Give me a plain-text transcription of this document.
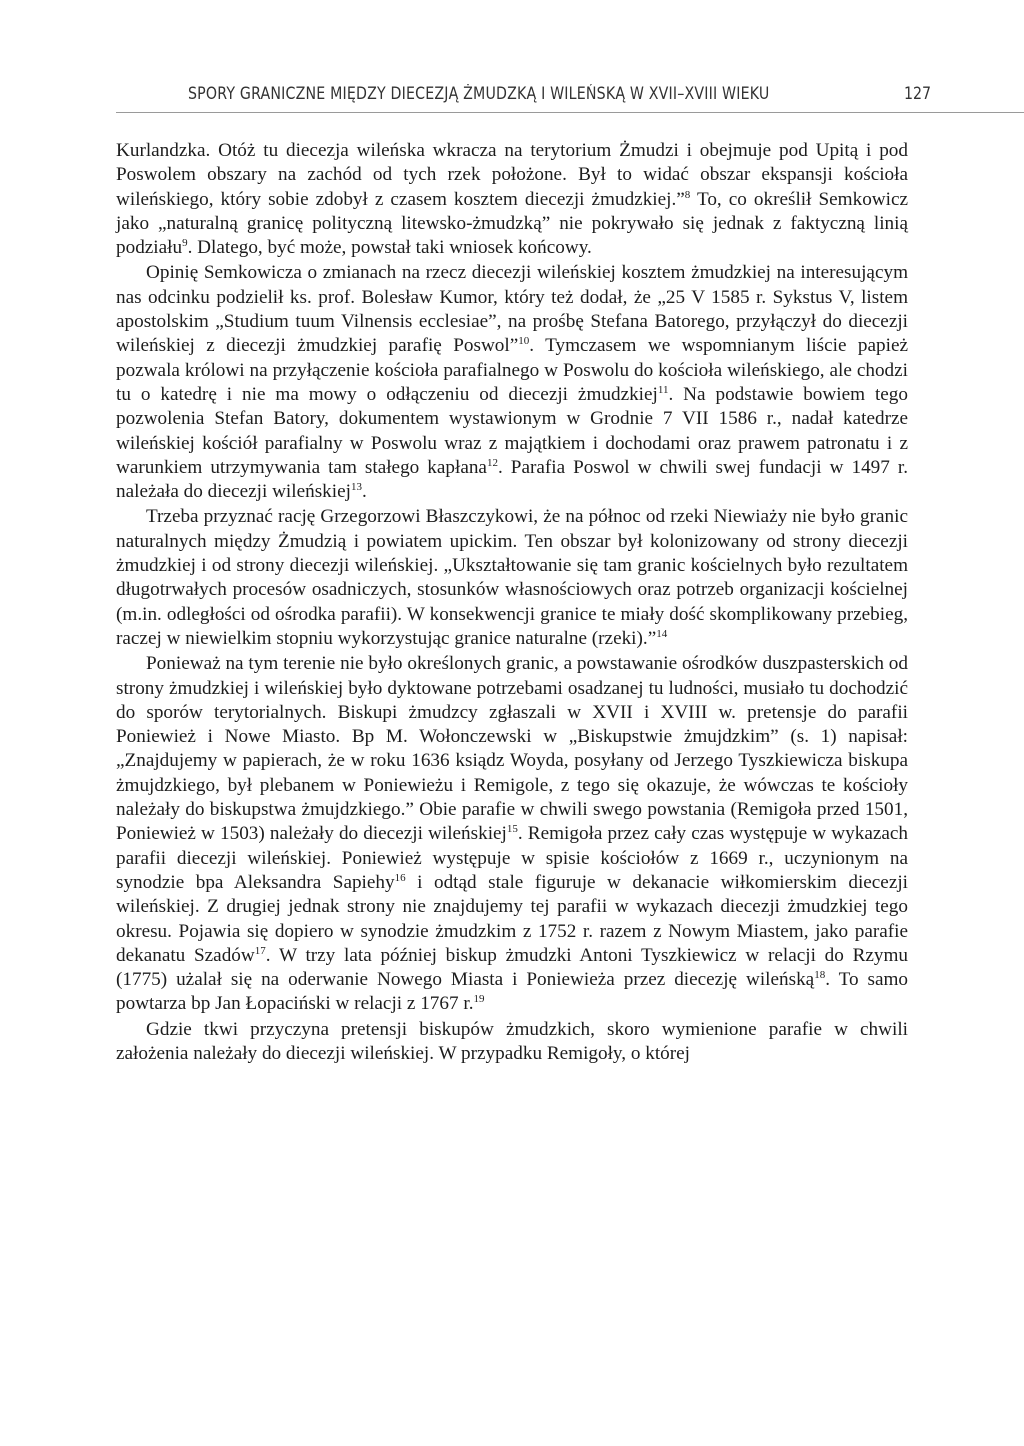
SPORY GRANICZNE MIĘDZY DIECEZJĄ ŻMUDZKĄ I WILEŃSKĄ W XVII–XVIII WIEKU	127

Kurlandzka. Otóż tu diecezja wileńska wkracza na terytorium Żmudzi i obejmuje pod Upitą i pod Poswolem obszary na zachód od tych rzek położone. Był to widać obszar ekspansji kościoła wileńskiego, który sobie zdobył z czasem kosztem diecezji żmudzkiej.”$^8$ To, co określił Semkowicz jako „naturalną granicę polityczną litewsko-żmudzką” nie pokrywało się jednak z faktyczną linią podziału$^9$. Dlatego, być może, powstał taki wniosek końcowy.

Opinię Semkowicza o zmianach na rzecz diecezji wileńskiej kosztem żmudzkiej na interesującym nas odcinku podzielił ks. prof. Bolesław Kumor, który też dodał, że „25 V 1585 r. Sykstus V, listem apostolskim „Studium tuum Vilnensis ecclesiae”, na prośbę Stefana Batorego, przyłączył do diecezji wileńskiej z diecezji żmudzkiej parafię Poswol”$^{10}$. Tymczasem we wspomnianym liście papież pozwala królowi na przyłączenie kościoła parafialnego w Poswolu do kościoła wileńskiego, ale chodzi tu o katedrę i nie ma mowy o odłączeniu od diecezji żmudzkiej$^{11}$. Na podstawie bowiem tego pozwolenia Stefan Batory, dokumentem wystawionym w Grodnie 7 VII 1586 r., nadał katedrze wileńskiej kościół parafialny w Poswolu wraz z majątkiem i dochodami oraz prawem patronatu i z warunkiem utrzymywania tam stałego kapłana$^{12}$. Parafia Poswol w chwili swej fundacji w 1497 r. należała do diecezji wileńskiej$^{13}$.

Trzeba przyznać rację Grzegorzowi Błaszczykowi, że na północ od rzeki Niewiaży nie było granic naturalnych między Żmudzią i powiatem upickim. Ten obszar był kolonizowany od strony diecezji żmudzkiej i od strony diecezji wileńskiej. „Ukształtowanie się tam granic kościelnych było rezultatem długotrwałych procesów osadniczych, stosunków własnościowych oraz potrzeb organizacji kościelnej (m.in. odległości od ośrodka parafii). W konsekwencji granice te miały dość skomplikowany przebieg, raczej w niewielkim stopniu wykorzystując granice naturalne (rzeki).”$^{14}$

Ponieważ na tym terenie nie było określonych granic, a powstawanie ośrodków duszpasterskich od strony żmudzkiej i wileńskiej było dyktowane potrzebami osadzanej tu ludności, musiało tu dochodzić do sporów terytorialnych. Biskupi żmudzcy zgłaszali w XVII i XVIII w. pretensje do parafii Poniewież i Nowe Miasto. Bp M. Wołonczewski w „Biskupstwie żmujdzkim” (s. 1) napisał: „Znajdujemy w papierach, że w roku 1636 ksiądz Woyda, posyłany od Jerzego Tyszkiewicza biskupa żmujdzkiego, był plebanem w Poniewieżu i Remigole, z tego się okazuje, że wówczas te kościoły należały do biskupstwa żmujdzkiego.” Obie parafie w chwili swego powstania (Remigoła przed 1501, Poniewież w 1503) należały do diecezji wileńskiej$^{15}$. Remigoła przez cały czas występuje w wykazach parafii diecezji wileńskiej. Poniewież występuje w spisie kościołów z 1669 r., uczynionym na synodzie bpa Aleksandra Sapiehy$^{16}$ i odtąd stale figuruje w dekanacie wiłkomierskim diecezji wileńskiej. Z drugiej jednak strony nie znajdujemy tej parafii w wykazach diecezji żmudzkiej tego okresu. Pojawia się dopiero w synodzie żmudzkim z 1752 r. razem z Nowym Miastem, jako parafie dekanatu Szadów$^{17}$. W trzy lata później biskup żmudzki Antoni Tyszkiewicz w relacji do Rzymu (1775) użalał się na oderwanie Nowego Miasta i Poniewieża przez diecezję wileńską$^{18}$. To samo powtarza bp Jan Łopaciński w relacji z 1767 r.$^{19}$

Gdzie tkwi przyczyna pretensji biskupów żmudzkich, skoro wymienione parafie w chwili założenia należały do diecezji wileńskiej. W przypadku Remigoły, o której
